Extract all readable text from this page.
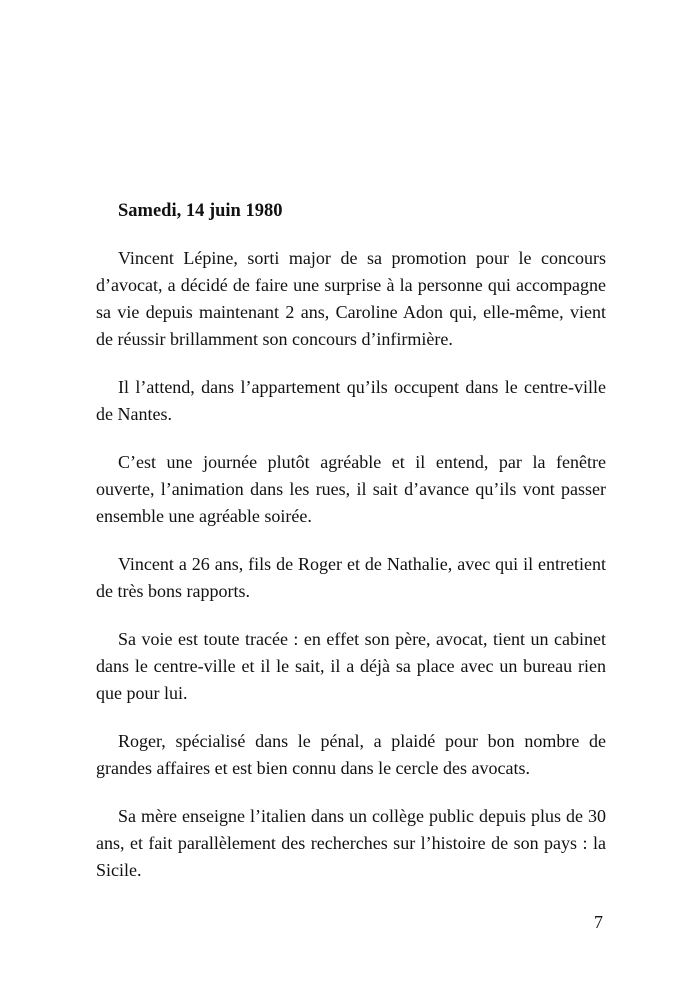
Samedi, 14 juin 1980

Vincent Lépine, sorti major de sa promotion pour le concours d’avocat, a décidé de faire une surprise à la personne qui accompagne sa vie depuis maintenant 2 ans, Caroline Adon qui, elle-même, vient de réussir brillamment son concours d’infirmière.

Il l’attend, dans l’appartement qu’ils occupent dans le centre-ville de Nantes.

C’est une journée plutôt agréable et il entend, par la fenêtre ouverte, l’animation dans les rues, il sait d’avance qu’ils vont passer ensemble une agréable soirée.

Vincent a 26 ans, fils de Roger et de Nathalie, avec qui il entretient de très bons rapports.

Sa voie est toute tracée : en effet son père, avocat, tient un cabinet dans le centre-ville et il le sait, il a déjà sa place avec un bureau rien que pour lui.

Roger, spécialisé dans le pénal, a plaidé pour bon nombre de grandes affaires et est bien connu dans le cercle des avocats.

Sa mère enseigne l’italien dans un collège public depuis plus de 30 ans, et fait parallèlement des recherches sur l’histoire de son pays : la Sicile.

7
